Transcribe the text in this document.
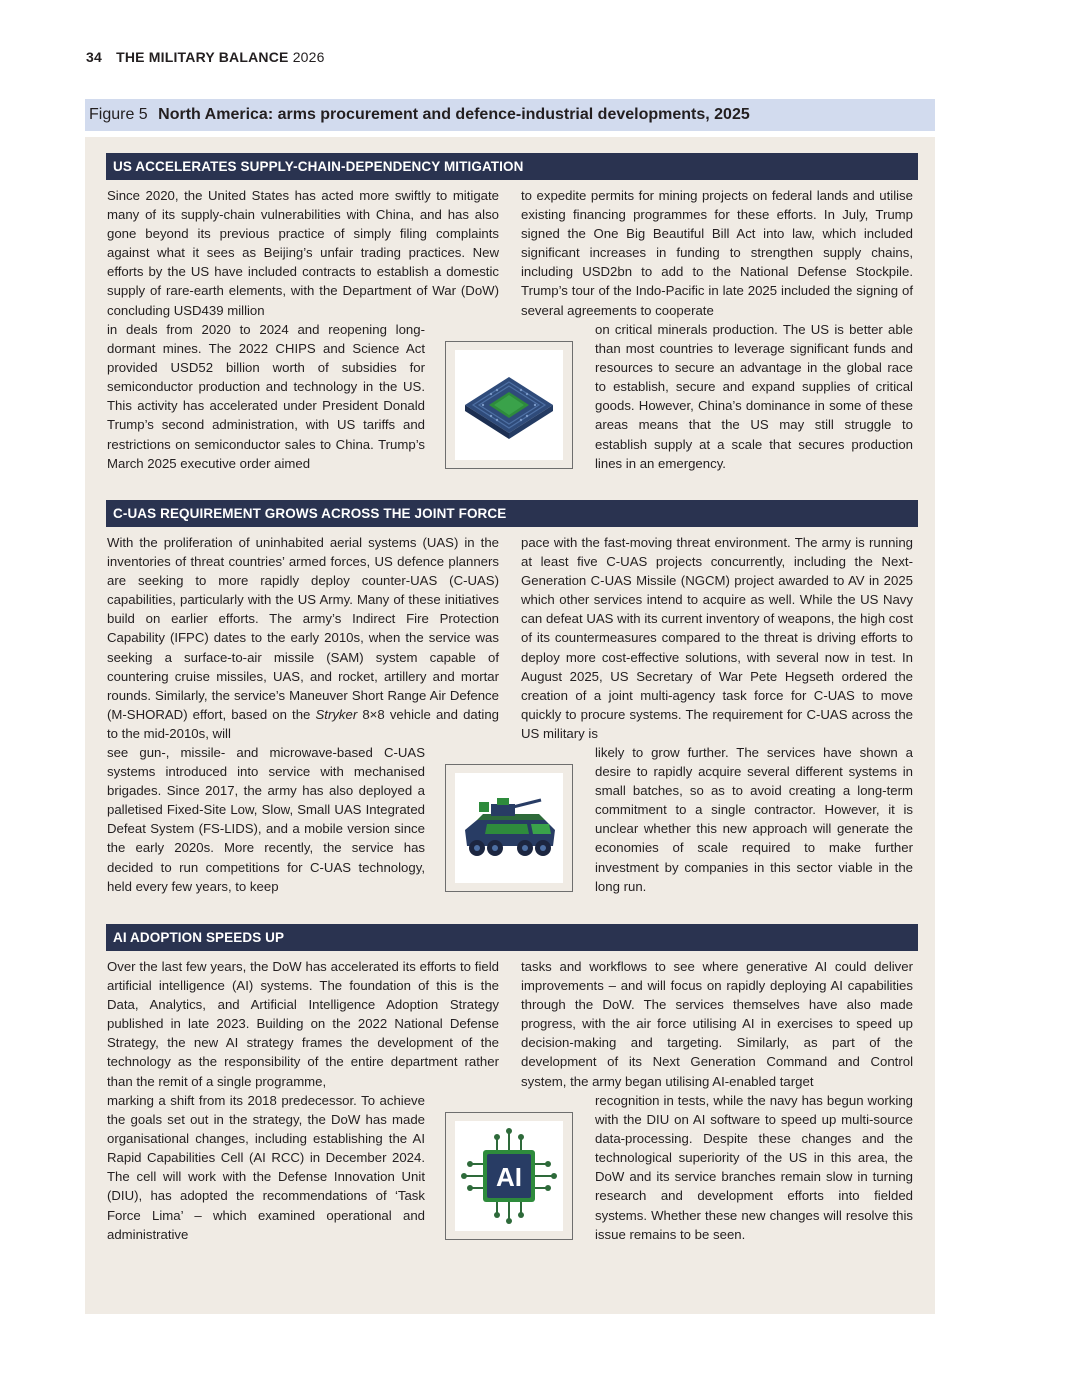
34 THE MILITARY BALANCE 2026
Figure 5 North America: arms procurement and defence-industrial developments, 2025
US ACCELERATES SUPPLY-CHAIN-DEPENDENCY MITIGATION

Since 2020, the United States has acted more swiftly to mitigate many of its supply-chain vulnerabilities with China, and has also gone beyond its previous practice of simply filing complaints against what it sees as Beijing’s unfair trading practices. New efforts by the US have included contracts to establish a domestic supply of rare-earth elements, with the Department of War (DoW) concluding USD439 million

to expedite permits for mining projects on federal lands and utilise existing financing programmes for these efforts. In July, Trump signed the One Big Beautiful Bill Act into law, which included significant increases in funding to strengthen supply chains, including USD2bn to add to the National Defense Stockpile. Trump’s tour of the Indo-Pacific in late 2025 included the signing of several agreements to cooperate

in deals from 2020 to 2024 and reopening long-dormant mines. The 2022 CHIPS and Science Act provided USD52 billion worth of subsidies for semiconductor production and technology in the US. This activity has accelerated under President Donald Trump’s second administration, with US tariffs and restrictions on semiconductor sales to China. Trump’s March 2025 executive order aimed

on critical minerals production. The US is better able than most countries to leverage significant funds and resources to secure an advantage in the global race to establish, secure and expand supplies of critical goods. However, China’s dominance in some of these areas means that the US may still struggle to establish supply at a scale that secures production lines in an emergency.

C-UAS REQUIREMENT GROWS ACROSS THE JOINT FORCE

With the proliferation of uninhabited aerial systems (UAS) in the inventories of threat countries’ armed forces, US defence planners are seeking to more rapidly deploy counter-UAS (C-UAS) capabilities, particularly with the US Army. Many of these initiatives build on earlier efforts. The army’s Indirect Fire Protection Capability (IFPC) dates to the early 2010s, when the service was seeking a surface-to-air missile (SAM) system capable of countering cruise missiles, UAS, and rocket, artillery and mortar rounds. Similarly, the service’s Maneuver Short Range Air Defence (M-SHORAD) effort, based on the Stryker 8×8 vehicle and dating to the mid-2010s, will

pace with the fast-moving threat environment. The army is running at least five C-UAS projects concurrently, including the Next-Generation C-UAS Missile (NGCM) project awarded to AV in 2025 which other services intend to acquire as well. While the US Navy can defeat UAS with its current inventory of weapons, the high cost of its countermeasures compared to the threat is driving efforts to deploy more cost-effective solutions, with several now in test. In August 2025, US Secretary of War Pete Hegseth ordered the creation of a joint multi-agency task force for C-UAS to move quickly to procure systems. The requirement for C-UAS across the US military is

see gun-, missile- and microwave-based C-UAS systems introduced into service with mechanised brigades. Since 2017, the army has also deployed a palletised Fixed-Site Low, Slow, Small UAS Integrated Defeat System (FS-LIDS), and a mobile version since the early 2020s. More recently, the service has decided to run competitions for C-UAS technology, held every few years, to keep

likely to grow further. The services have shown a desire to rapidly acquire several different systems in small batches, so as to avoid creating a long-term commitment to a single contractor. However, it is unclear whether this new approach will generate the economies of scale required to make further investment by companies in this sector viable in the long run.

AI ADOPTION SPEEDS UP

Over the last few years, the DoW has accelerated its efforts to field artificial intelligence (AI) systems. The foundation of this is the Data, Analytics, and Artificial Intelligence Adoption Strategy published in late 2023. Building on the 2022 National Defense Strategy, the new AI strategy frames the development of the technology as the responsibility of the entire department rather than the remit of a single programme,

tasks and workflows to see where generative AI could deliver improvements – and will focus on rapidly deploying AI capabilities through the DoW. The services themselves have also made progress, with the air force utilising AI in exercises to speed up decision-making and targeting. Similarly, as part of the development of its Next Generation Command and Control system, the army began utilising AI-enabled target

marking a shift from its 2018 predecessor. To achieve the goals set out in the strategy, the DoW has made organisational changes, including establishing the AI Rapid Capabilities Cell (AI RCC) in December 2024. The cell will work with the Defense Innovation Unit (DIU), has adopted the recommendations of ‘Task Force Lima’ – which examined operational and administrative

recognition in tests, while the navy has begun working with the DIU on AI software to speed up multi-source data-processing. Despite these changes and the technological superiority of the US in this area, the DoW and its service branches remain slow in turning research and development efforts into fielded systems. Whether these new changes will resolve this issue remains to be seen.

AI
